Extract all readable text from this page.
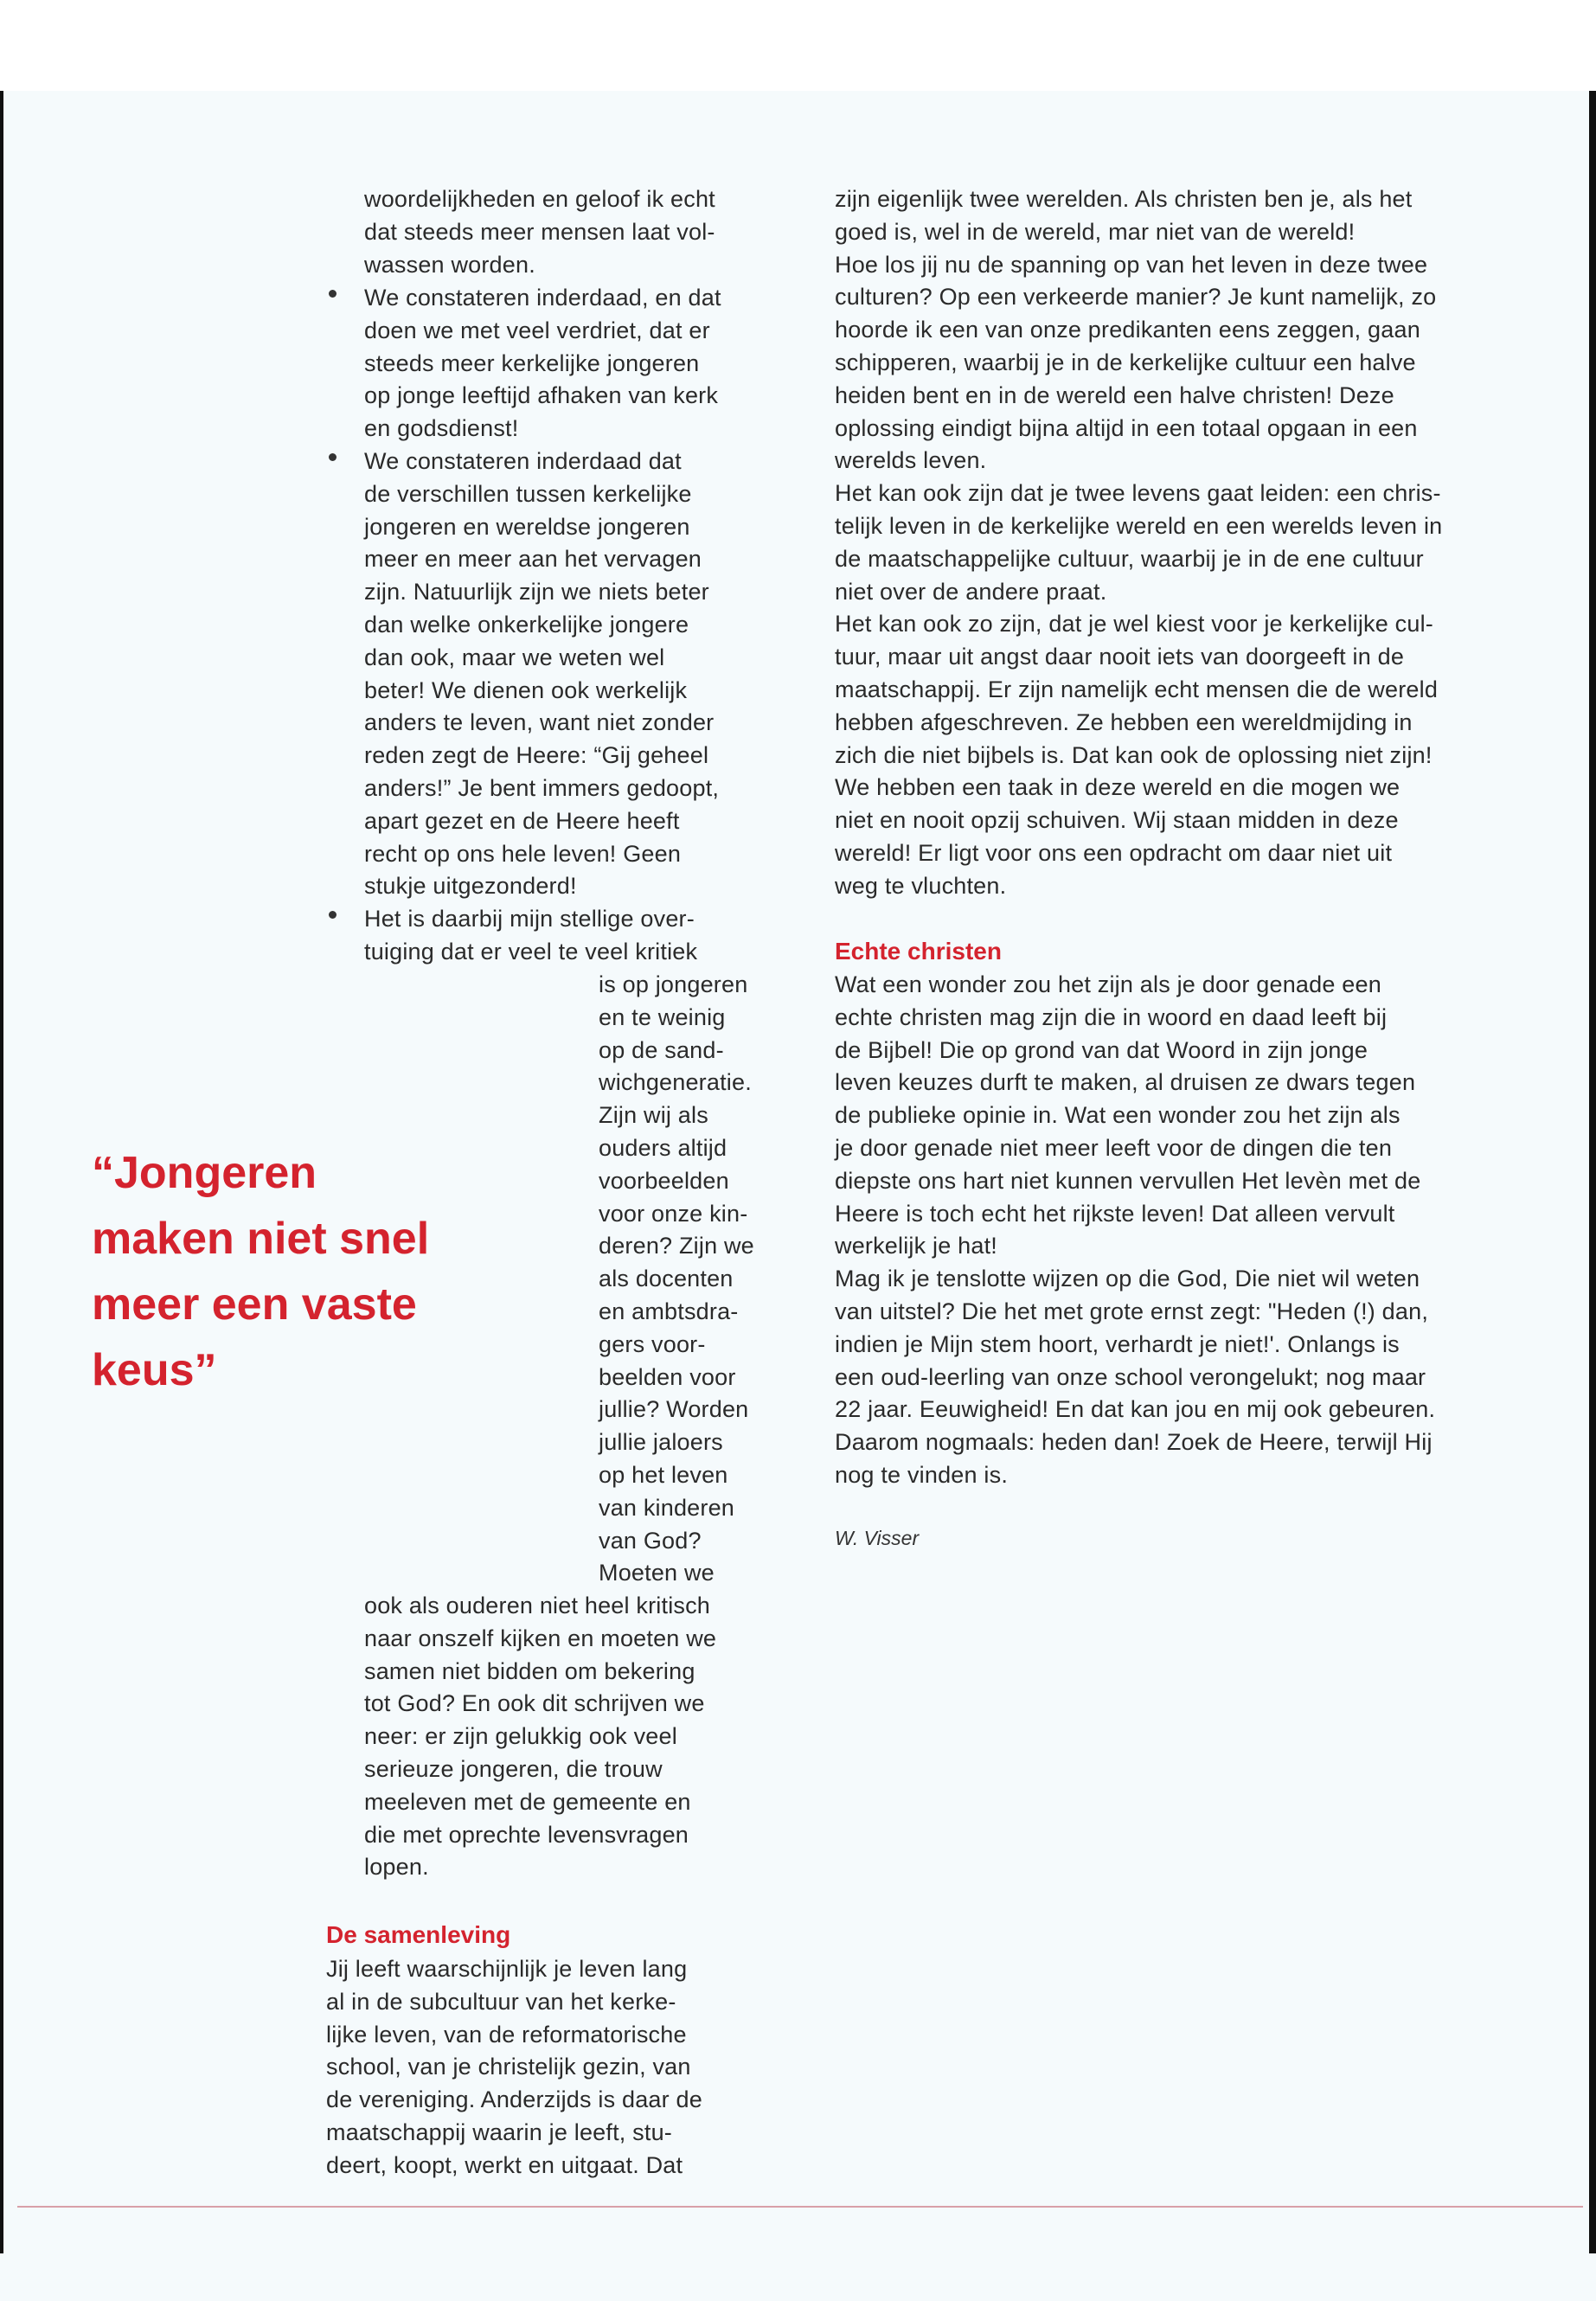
woordelijkheden en geloof ik echt
dat steeds meer mensen laat vol-
wassen worden.
We constateren inderdaad, en dat
doen we met veel verdriet, dat er
steeds meer kerkelijke jongeren
op jonge leeftijd afhaken van kerk
en godsdienst!
We constateren inderdaad dat
de verschillen tussen kerkelijke
jongeren en wereldse jongeren
meer en meer aan het vervagen
zijn. Natuurlijk zijn we niets beter
dan welke onkerkelijke jongere
dan ook, maar we weten wel
beter! We dienen ook werkelijk
anders te leven, want niet zonder
reden zegt de Heere: “Gij geheel
anders!” Je bent immers gedoopt,
apart gezet en de Heere heeft
recht op ons hele leven! Geen
stukje uitgezonderd!
Het is daarbij mijn stellige over-
tuiging dat er veel te veel kritiek
is op jongeren
en te weinig
op de sand-
wichgeneratie.
Zijn wij als
ouders altijd
voorbeelden
voor onze kin-
deren? Zijn we
als docenten
en ambtsdra-
gers voor-
beelden voor
jullie? Worden
jullie jaloers
op het leven
van kinderen
van God?
Moeten we
ook als ouderen niet heel kritisch
naar onszelf kijken en moeten we
samen niet bidden om bekering
tot God? En ook dit schrijven we
neer: er zijn gelukkig ook veel
serieuze jongeren, die trouw
meeleven met de gemeente en
die met oprechte levensvragen
lopen.
De samenleving
Jij leeft waarschijnlijk je leven lang
al in de subcultuur van het kerke-
lijke leven, van de reformatorische
school, van je christelijk gezin, van
de vereniging. Anderzijds is daar de
maatschappij waarin je leeft, stu-
deert, koopt, werkt en uitgaat. Dat
“Jongeren
maken niet snel
meer een vaste
keus”
zijn eigenlijk twee werelden. Als christen ben je, als het
goed is, wel in de wereld, mar niet van de wereld!
Hoe los jij nu de spanning op van het leven in deze twee
culturen? Op een verkeerde manier? Je kunt namelijk, zo
hoorde ik een van onze predikanten eens zeggen, gaan
schipperen, waarbij je in de kerkelijke cultuur een halve
heiden bent en in de wereld een halve christen! Deze
oplossing eindigt bijna altijd in een totaal opgaan in een
werelds leven.
Het kan ook zijn dat je twee levens gaat leiden: een chris-
telijk leven in de kerkelijke wereld en een werelds leven in
de maatschappelijke cultuur, waarbij je in de ene cultuur
niet over de andere praat.
Het kan ook zo zijn, dat je wel kiest voor je kerkelijke cul-
tuur, maar uit angst daar nooit iets van doorgeeft in de
maatschappij. Er zijn namelijk echt mensen die de wereld
hebben afgeschreven. Ze hebben een wereldmijding in
zich die niet bijbels is. Dat kan ook de oplossing niet zijn!
We hebben een taak in deze wereld en die mogen we
niet en nooit opzij schuiven. Wij staan midden in deze
wereld! Er ligt voor ons een opdracht om daar niet uit
weg te vluchten.
Echte christen
Wat een wonder zou het zijn als je door genade een
echte christen mag zijn die in woord en daad leeft bij
de Bijbel! Die op grond van dat Woord in zijn jonge
leven keuzes durft te maken, al druisen ze dwars tegen
de publieke opinie in. Wat een wonder zou het zijn als
je door genade niet meer leeft voor de dingen die ten
diepste ons hart niet kunnen vervullen Het levèn met de
Heere is toch echt het rijkste leven! Dat alleen vervult
werkelijk je hat!
Mag ik je tenslotte wijzen op die God, Die niet wil weten
van uitstel? Die het met grote ernst zegt: "Heden (!) dan,
indien je Mijn stem hoort, verhardt je niet!'. Onlangs is
een oud-leerling van onze school verongelukt; nog maar
22 jaar. Eeuwigheid! En dat kan jou en mij ook gebeuren.
Daarom nogmaals: heden dan! Zoek de Heere, terwijl Hij
nog te vinden is.

W. Visser
